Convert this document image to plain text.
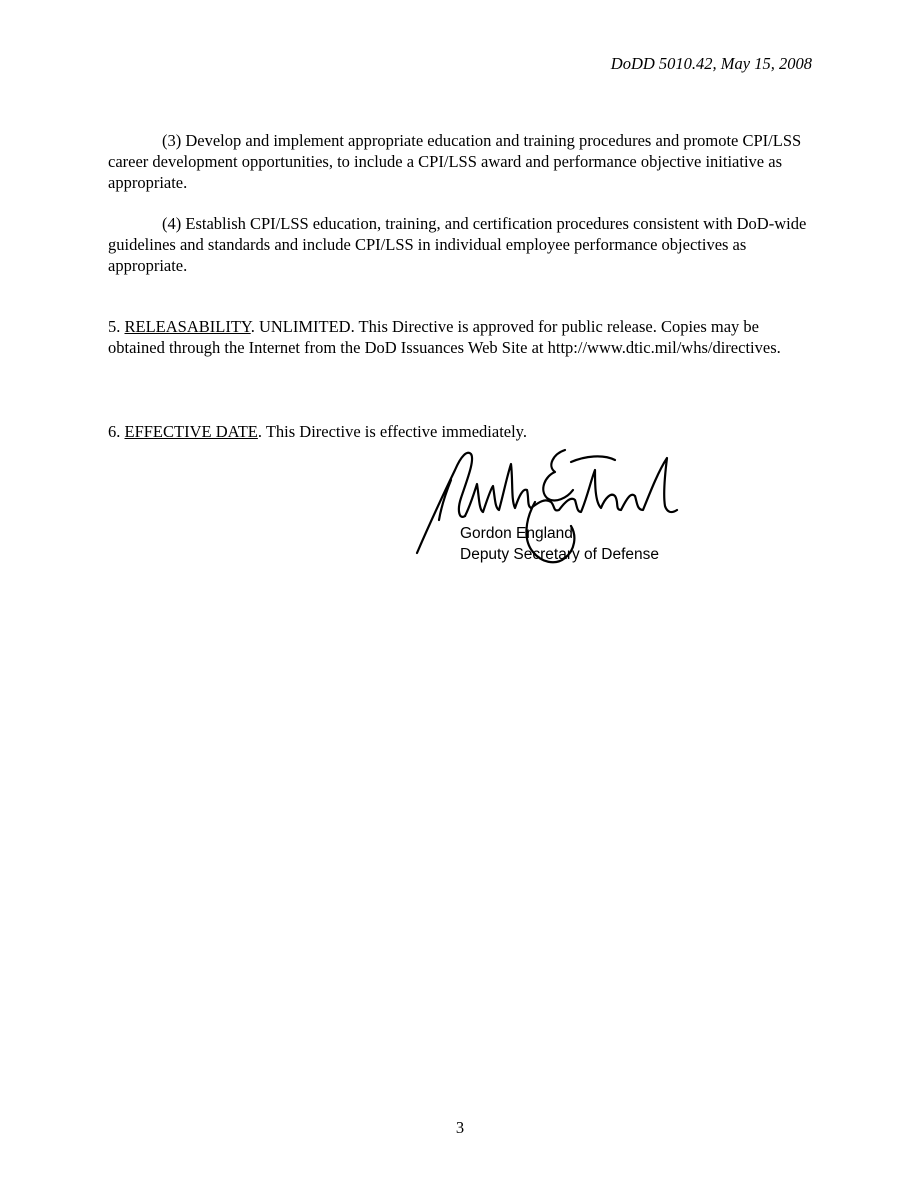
DoDD 5010.42, May 15, 2008
(3) Develop and implement appropriate education and training procedures and promote CPI/LSS career development opportunities, to include a CPI/LSS award and performance objective initiative as appropriate.
(4) Establish CPI/LSS education, training, and certification procedures consistent with DoD-wide guidelines and standards and include CPI/LSS in individual employee performance objectives as appropriate.
5. RELEASABILITY. UNLIMITED. This Directive is approved for public release. Copies may be obtained through the Internet from the DoD Issuances Web Site at http://www.dtic.mil/whs/directives.
6. EFFECTIVE DATE. This Directive is effective immediately.
Gordon England
Deputy Secretary of Defense
3
